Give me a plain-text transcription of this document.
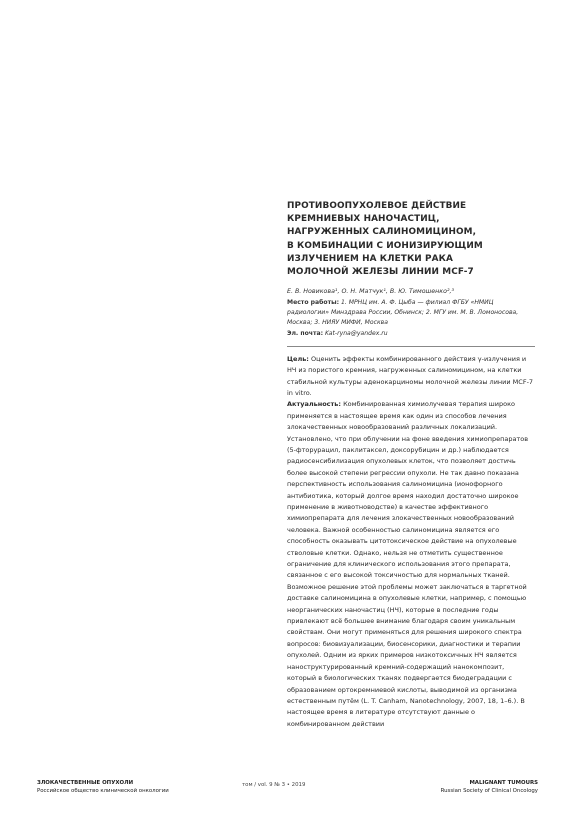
ПРОТИВООПУХОЛЕВОЕ ДЕЙСТВИЕ
КРЕМНИЕВЫХ НАНОЧАСТИЦ,
НАГРУЖЕННЫХ САЛИНОМИЦИНОМ,
В КОМБИНАЦИИ С ИОНИЗИРУЮЩИМ
ИЗЛУЧЕНИЕМ НА КЛЕТКИ РАКА
МОЛОЧНОЙ ЖЕЛЕЗЫ ЛИНИИ MCF-7

Е. В. Новикова¹, О. Н. Матчук¹, В. Ю. Тимошенко²,³

Место работы: 1. МРНЦ им. А. Ф. Цыба — филиал ФГБУ «НМИЦ радиологии» Минздрава России, Обнинск; 2. МГУ им. М. В. Ломоносова, Москва; 3. НИЯУ МИФИ, Москва

Эл. почта: Kat-ryna@yandex.ru

Цель: Оценить эффекты комбинированного действия γ-излучения и НЧ из пористого кремния, нагруженных салиномицином, на клетки стабильной культуры аденокарциномы молочной железы линии MCF-7 in vitro.

Актуальность: Комбинированная химиолучевая терапия широко применяется в настоящее время как один из способов лечения злокачественных новообразований различных локализаций. Установлено, что при облучении на фоне введения химиопрепаратов (5-фторурацил, паклитаксел, доксорубицин и др.) наблюдается радиосенсибилизация опухолевых клеток, что позволяет достичь более высокой степени регрессии опухоли. Не так давно показана перспективность использования салиномицина (ионофорного антибиотика, который долгое время находил достаточно широкое применение в животноводстве) в качестве эффективного химиопрепарата для лечения злокачественных новообразований человека. Важной особенностью салиномицина является его способность оказывать цитотоксическое действие на опухолевые стволовые клетки. Однако, нельзя не отметить существенное ограничение для клинического использования этого препарата, связанное с его высокой токсичностью для нормальных тканей. Возможное решение этой проблемы может заключаться в таргетной доставке салиномицина в опухолевые клетки, например, с помощью неорганических наночастиц (НЧ), которые в последние годы привлекают всё большее внимание благодаря своим уникальным свойствам. Они могут применяться для решения широкого спектра вопросов: биовизуализации, биосенсорики, диагностики и терапии опухолей. Одним из ярких примеров низкотоксичных НЧ является наноструктурированный кремний-содержащий нанокомпозит, который в биологических тканях подвергается биодеградации с образованием ортокремниевой кислоты, выводимой из организма естественным путём (L. T. Canham, Nanotechnology, 2007, 18, 1–6.). В настоящее время в литературе отсутствуют данные о комбинированном действии

ЗЛОКАЧЕСТВЕННЫЕ ОПУХОЛИ
Российское общество клинической онкологии
том / vol. 9 № 3 • 2019	MALIGNANT TUMOURS
Russian Society of Clinical Oncology
